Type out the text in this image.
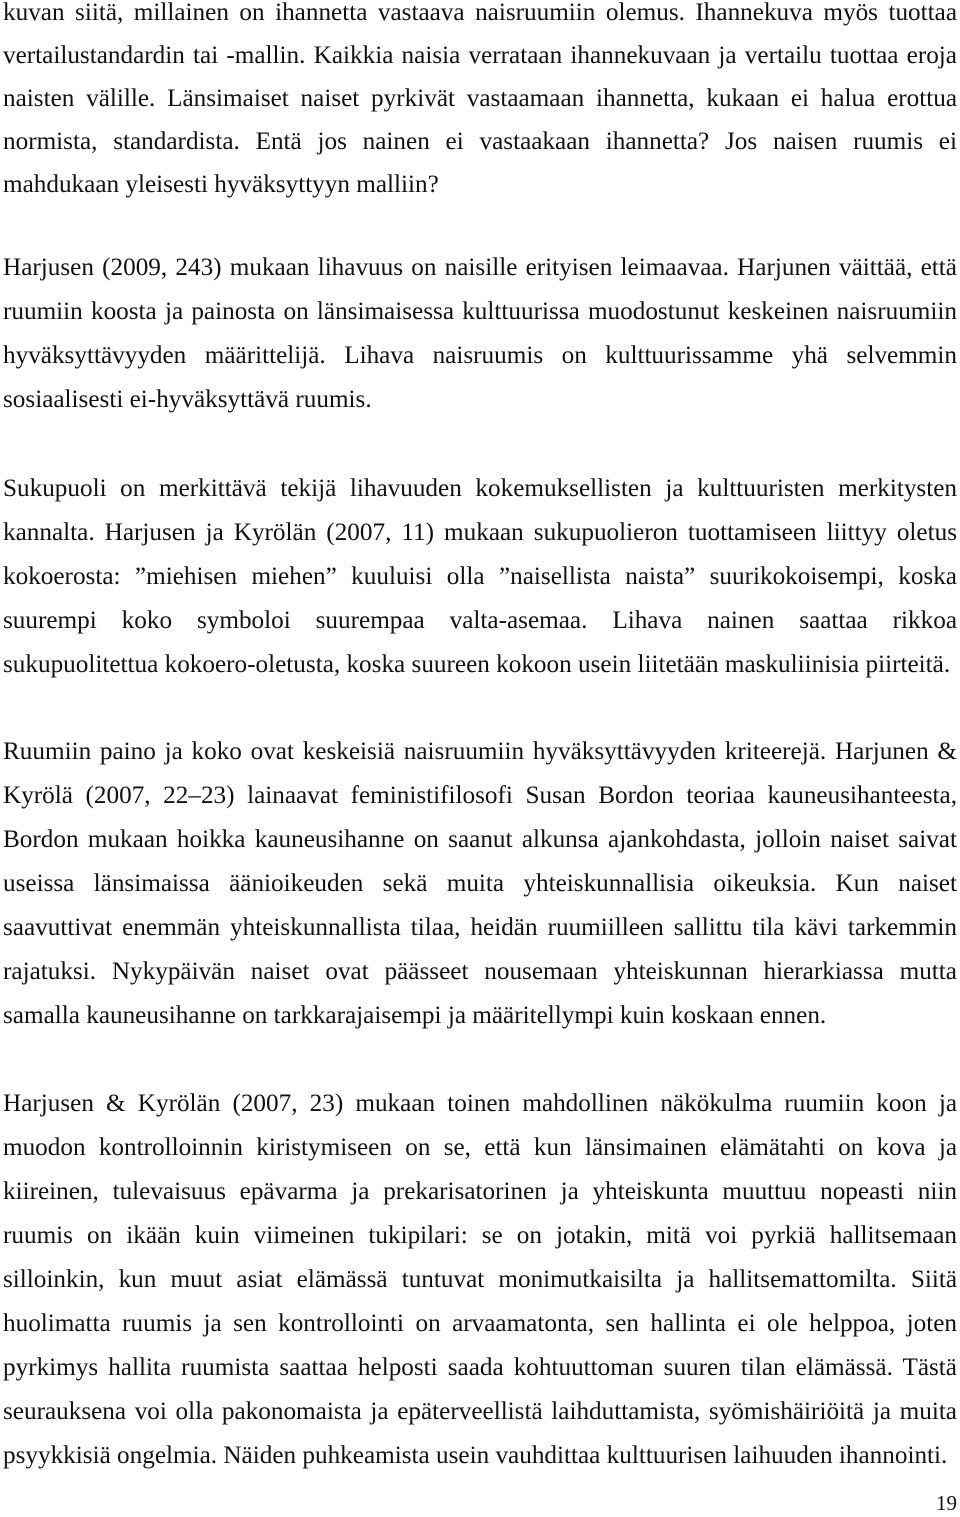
kuvan siitä, millainen on ihannetta vastaava naisruumiin olemus. Ihannekuva myös tuottaa
vertailustandardin tai -mallin. Kaikkia naisia verrataan ihannekuvaan ja vertailu tuottaa eroja
naisten välille. Länsimaiset naiset pyrkivät vastaamaan ihannetta, kukaan ei halua erottua
normista, standardista. Entä jos nainen ei vastaakaan ihannetta? Jos naisen ruumis ei
mahdukaan yleisesti hyväksyttyyn malliin?
Harjusen (2009, 243) mukaan lihavuus on naisille erityisen leimaavaa. Harjunen väittää, että
ruumiin koosta ja painosta on länsimaisessa kulttuurissa muodostunut keskeinen naisruumiin
hyväksyttävyyden määrittelijä. Lihava naisruumis on kulttuurissamme yhä selvemmin
sosiaalisesti ei-hyväksyttävä ruumis.
Sukupuoli on merkittävä tekijä lihavuuden kokemuksellisten ja kulttuuristen merkitysten
kannalta. Harjusen ja Kyrölän (2007, 11) mukaan sukupuolieron tuottamiseen liittyy oletus
kokoerosta: ”miehisen miehen” kuuluisi olla ”naisellista naista” suurikokoisempi, koska
suurempi koko symboloi suurempaa valta-asemaa. Lihava nainen saattaa rikkoa
sukupuolitettua kokoero-oletusta, koska suureen kokoon usein liitetään maskuliinisia piirteitä.
Ruumiin paino ja koko ovat keskeisiä naisruumiin hyväksyttävyyden kriteerejä. Harjunen &
Kyrölä (2007, 22–23) lainaavat feministifilosofi Susan Bordon teoriaa kauneusihanteesta,
Bordon mukaan hoikka kauneusihanne on saanut alkunsa ajankohdasta, jolloin naiset saivat
useissa länsimaissa äänioikeuden sekä muita yhteiskunnallisia oikeuksia. Kun naiset
saavuttivat enemmän yhteiskunnallista tilaa, heidän ruumiilleen sallittu tila kävi tarkemmin
rajatuksi. Nykypäivän naiset ovat päässeet nousemaan yhteiskunnan hierarkiassa mutta
samalla kauneusihanne on tarkkarajaisempi ja määritellympi kuin koskaan ennen.
Harjusen & Kyrölän (2007, 23) mukaan toinen mahdollinen näkökulma ruumiin koon ja
muodon kontrolloinnin kiristymiseen on se, että kun länsimainen elämätahti on kova ja
kiireinen, tulevaisuus epävarma ja prekarisatorinen ja yhteiskunta muuttuu nopeasti niin
ruumis on ikään kuin viimeinen tukipilari: se on jotakin, mitä voi pyrkiä hallitsemaan
silloinkin, kun muut asiat elämässä tuntuvat monimutkaisilta ja hallitsemattomilta. Siitä
huolimatta ruumis ja sen kontrollointi on arvaamatonta, sen hallinta ei ole helppoa, joten
pyrkimys hallita ruumista saattaa helposti saada kohtuuttoman suuren tilan elämässä. Tästä
seurauksena voi olla pakonomaista ja epäterveellistä laihduttamista, syömishäiriöitä ja muita
psyykkisiä ongelmia. Näiden puhkeamista usein vauhdittaa kulttuurisen laihuuden ihannointi.
19
